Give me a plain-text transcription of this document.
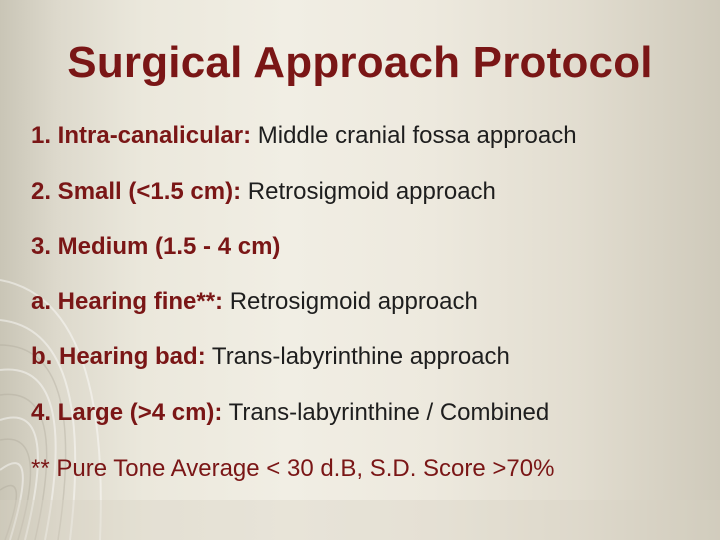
Surgical Approach Protocol
1. Intra-canalicular: Middle cranial fossa approach
2. Small (<1.5 cm): Retrosigmoid approach
3. Medium (1.5 - 4 cm)
a. Hearing fine**: Retrosigmoid approach
b. Hearing bad: Trans-labyrinthine approach
4. Large (>4 cm): Trans-labyrinthine / Combined
** Pure Tone Average < 30 d.B, S.D. Score >70%
